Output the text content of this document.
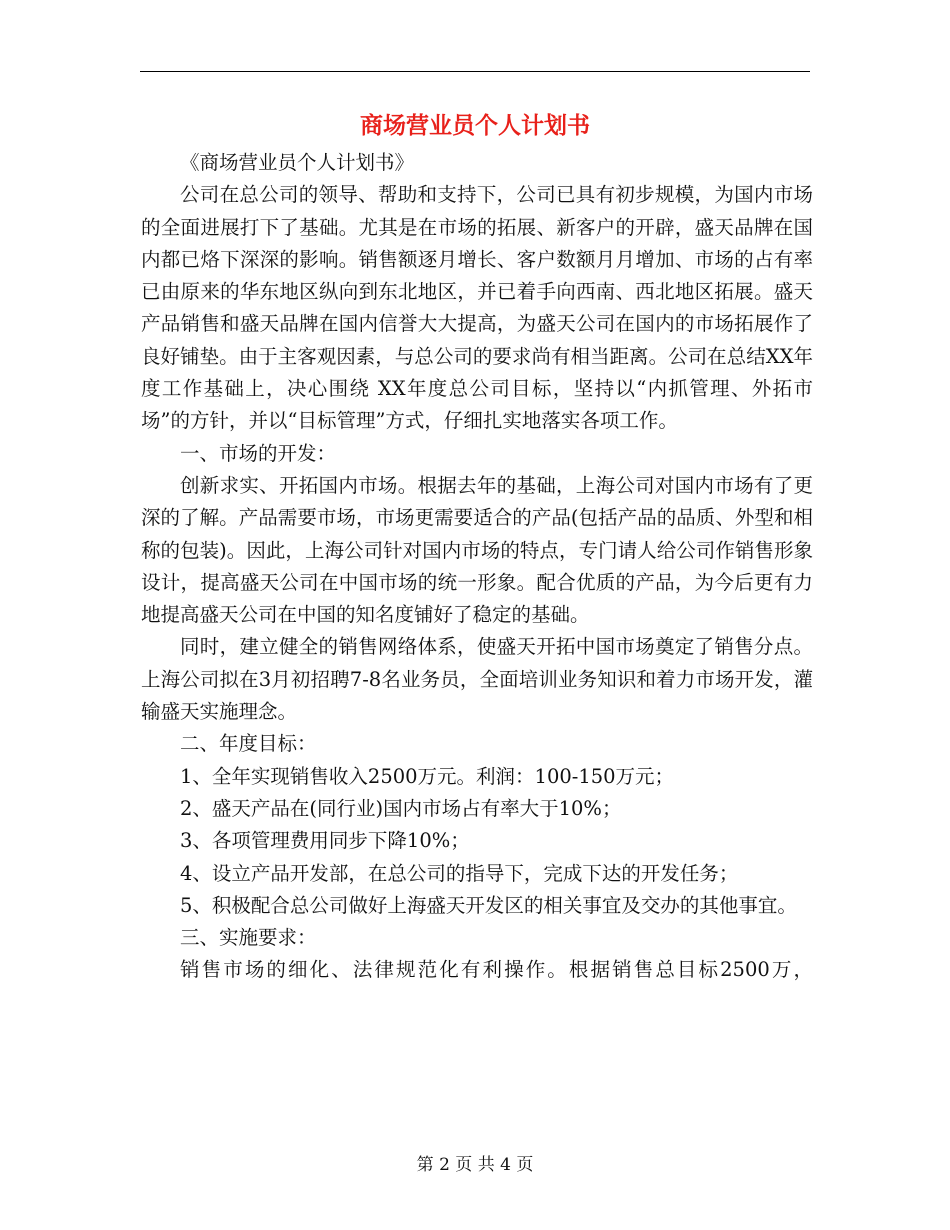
商场营业员个人计划书

《商场营业员个人计划书》

公司在总公司的领导、帮助和支持下，公司已具有初步规模，为国内市场的全面进展打下了基础。尤其是在市场的拓展、新客户的开辟，盛天品牌在国内都已烙下深深的影响。销售额逐月增长、客户数额月月增加、市场的占有率已由原来的华东地区纵向到东北地区，并已着手向西南、西北地区拓展。盛天产品销售和盛天品牌在国内信誉大大提高，为盛天公司在国内的市场拓展作了良好铺垫。由于主客观因素，与总公司的要求尚有相当距离。公司在总结XX年度工作基础上，决心围绕 XX年度总公司目标，坚持以“内抓管理、外拓市场”的方针，并以“目标管理”方式，仔细扎实地落实各项工作。

一、市场的开发：

创新求实、开拓国内市场。根据去年的基础，上海公司对国内市场有了更深的了解。产品需要市场，市场更需要适合的产品(包括产品的品质、外型和相称的包装)。因此，上海公司针对国内市场的特点，专门请人给公司作销售形象设计，提高盛天公司在中国市场的统一形象。配合优质的产品，为今后更有力地提高盛天公司在中国的知名度铺好了稳定的基础。

同时，建立健全的销售网络体系，使盛天开拓中国市场奠定了销售分点。上海公司拟在3月初招聘7-8名业务员，全面培训业务知识和着力市场开发，灌输盛天实施理念。

二、年度目标：

1、全年实现销售收入2500万元。利润：100-150万元；

2、盛天产品在(同行业)国内市场占有率大于10%；

3、各项管理费用同步下降10%；

4、设立产品开发部，在总公司的指导下，完成下达的开发任务；

5、积极配合总公司做好上海盛天开发区的相关事宜及交办的其他事宜。

三、实施要求：

销售市场的细化、法律规范化有利操作。根据销售总目标2500万，

第 2 页 共 4 页
